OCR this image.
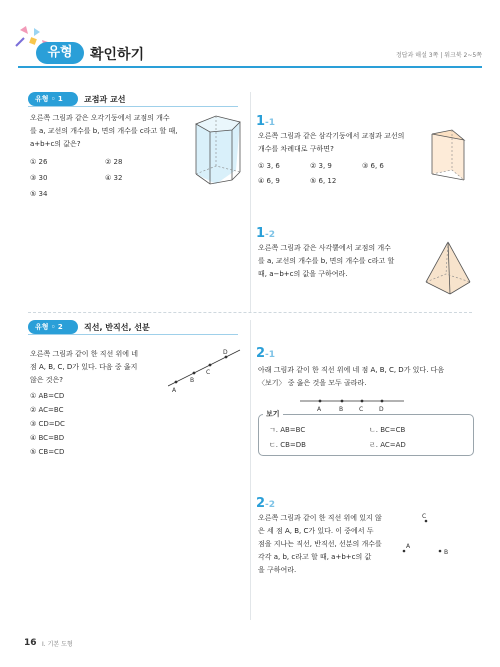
유형	확인하기	정답과 해설 3쪽 | 워크북 2~5쪽
유형 ◦ 1	교점과 교선
오른쪽 그림과 같은 오각기둥에서 교점의 개수
를 a, 교선의 개수를 b, 면의 개수를 c라고 할 때,
a+b+c의 값은?
① 26	② 28
③ 30	④ 32
⑤ 34
1-1
오른쪽 그림과 같은 삼각기둥에서 교점과 교선의
개수를 차례대로 구하면?
① 3, 6	② 3, 9	③ 6, 6
④ 6, 9	⑤ 6, 12
1-2
오른쪽 그림과 같은 사각뿔에서 교점의 개수
를 a, 교선의 개수를 b, 면의 개수를 c라고 할
때, a−b+c의 값을 구하여라.
유형 ◦ 2	직선, 반직선, 선분
오른쪽 그림과 같이 한 직선 위에 네
점 A, B, C, D가 있다. 다음 중 옳지
않은 것은?
A
B
C
D
① AB=CD
② AC=BC
③ CD=DC
④ BC=BD
⑤ CB=CD
2-1
아래 그림과 같이 한 직선 위에 네 점 A, B, C, D가 있다. 다음
〈보기〉 중 옳은 것을 모두 골라라.
A	B	C	D
보기
ㄱ. AB=BC	ㄴ. BC=CB
ㄷ. CB=DB	ㄹ. AC=AD
2-2
오른쪽 그림과 같이 한 직선 위에 있지 않
은 세 점 A, B, C가 있다. 이 중에서 두
점을 지나는 직선, 반직선, 선분의 개수를
각각 a, b, c라고 할 때, a+b+c의 값
을 구하여라.
C
A
B
16 I. 기본 도형
